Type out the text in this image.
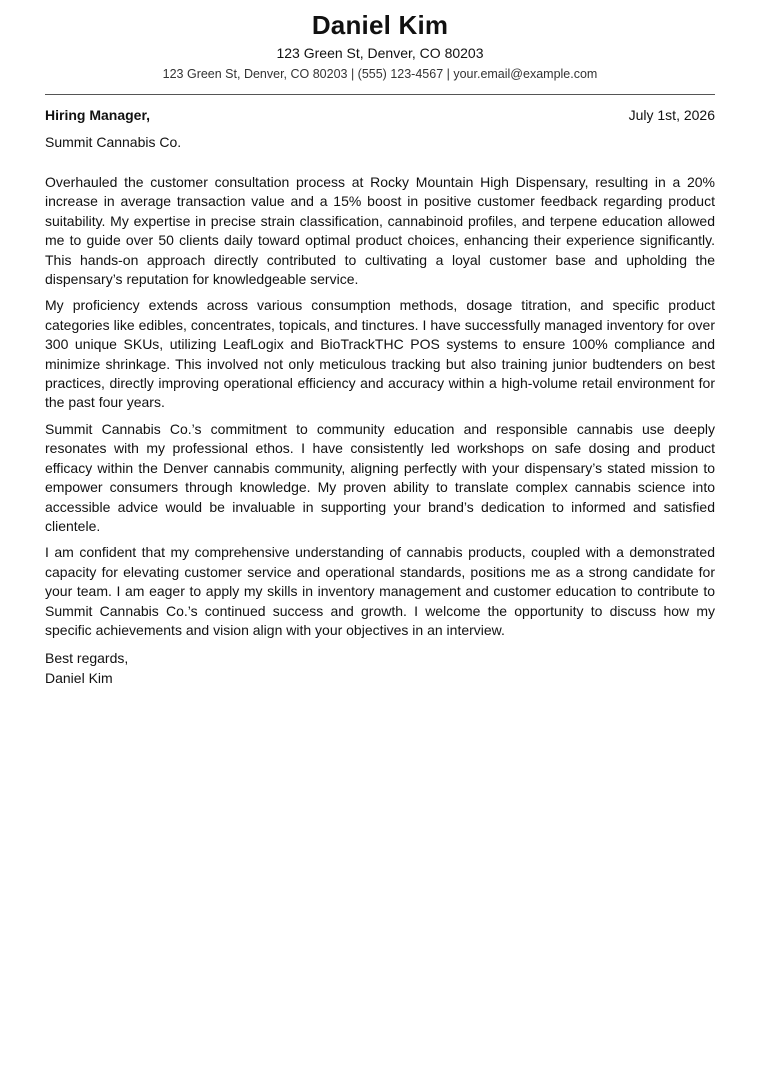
Daniel Kim
123 Green St, Denver, CO 80203
123 Green St, Denver, CO 80203 | (555) 123-4567 | your.email@example.com
Hiring Manager,	July 1st, 2026
Summit Cannabis Co.

Overhauled the customer consultation process at Rocky Mountain High Dispensary, resulting in a 20% increase in average transaction value and a 15% boost in positive customer feedback regarding product suitability. My expertise in precise strain classification, cannabinoid profiles, and terpene education allowed me to guide over 50 clients daily toward optimal product choices, enhancing their experience significantly. This hands-on approach directly contributed to cultivating a loyal customer base and upholding the dispensary’s reputation for knowledgeable service.

My proficiency extends across various consumption methods, dosage titration, and specific product categories like edibles, concentrates, topicals, and tinctures. I have successfully managed inventory for over 300 unique SKUs, utilizing LeafLogix and BioTrackTHC POS systems to ensure 100% compliance and minimize shrinkage. This involved not only meticulous tracking but also training junior budtenders on best practices, directly improving operational efficiency and accuracy within a high-volume retail environment for the past four years.

Summit Cannabis Co.’s commitment to community education and responsible cannabis use deeply resonates with my professional ethos. I have consistently led workshops on safe dosing and product efficacy within the Denver cannabis community, aligning perfectly with your dispensary’s stated mission to empower consumers through knowledge. My proven ability to translate complex cannabis science into accessible advice would be invaluable in supporting your brand’s dedication to informed and satisfied clientele.

I am confident that my comprehensive understanding of cannabis products, coupled with a demonstrated capacity for elevating customer service and operational standards, positions me as a strong candidate for your team. I am eager to apply my skills in inventory management and customer education to contribute to Summit Cannabis Co.’s continued success and growth. I welcome the opportunity to discuss how my specific achievements and vision align with your objectives in an interview.

Best regards,
Daniel Kim
